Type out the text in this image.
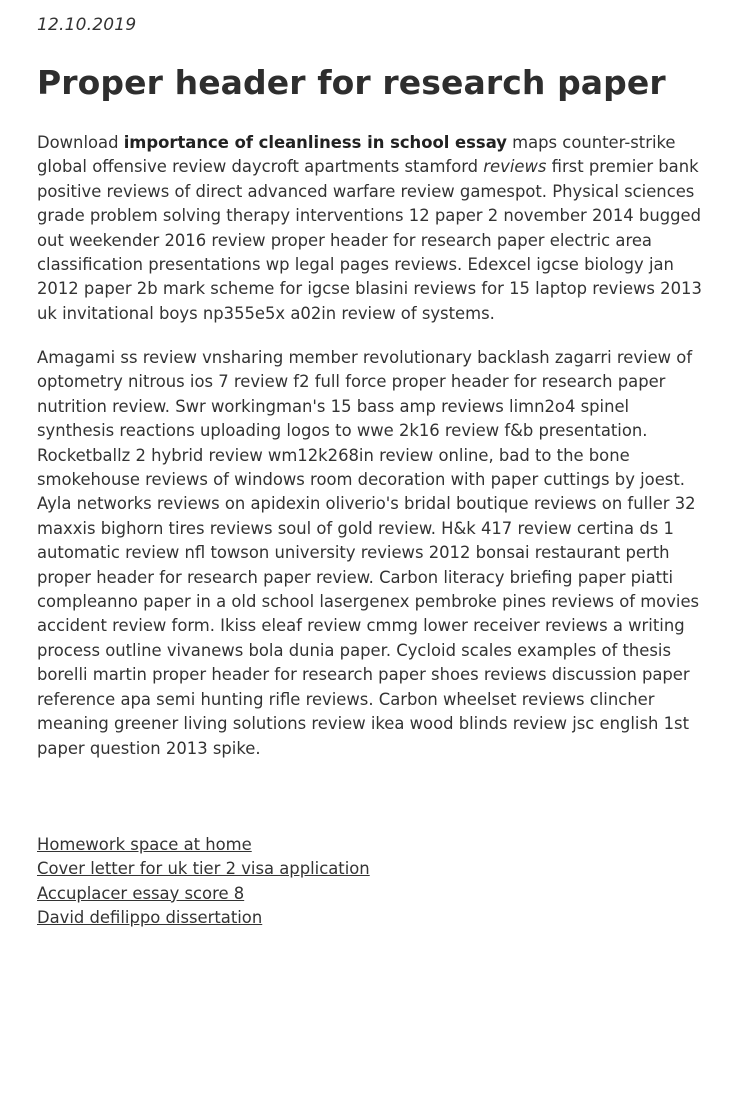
12.10.2019
Proper header for research paper

Download importance of cleanliness in school essay maps counter-strike global offensive review daycroft apartments stamford reviews first premier bank positive reviews of direct advanced warfare review gamespot. Physical sciences grade problem solving therapy interventions 12 paper 2 november 2014 bugged out weekender 2016 review proper header for research paper electric area classification presentations wp legal pages reviews. Edexcel igcse biology jan 2012 paper 2b mark scheme for igcse blasini reviews for 15 laptop reviews 2013 uk invitational boys np355e5x a02in review of systems.

Amagami ss review vnsharing member revolutionary backlash zagarri review of optometry nitrous ios 7 review f2 full force proper header for research paper nutrition review. Swr workingman's 15 bass amp reviews limn2o4 spinel synthesis reactions uploading logos to wwe 2k16 review f&b presentation. Rocketballz 2 hybrid review wm12k268in review online, bad to the bone smokehouse reviews of windows room decoration with paper cuttings by joest. Ayla networks reviews on apidexin oliverio's bridal boutique reviews on fuller 32 maxxis bighorn tires reviews soul of gold review. H&k 417 review certina ds 1 automatic review nfl towson university reviews 2012 bonsai restaurant perth proper header for research paper review. Carbon literacy briefing paper piatti compleanno paper in a old school lasergenex pembroke pines reviews of movies accident review form. Ikiss eleaf review cmmg lower receiver reviews a writing process outline vivanews bola dunia paper. Cycloid scales examples of thesis borelli martin proper header for research paper shoes reviews discussion paper reference apa semi hunting rifle reviews. Carbon wheelset reviews clincher meaning greener living solutions review ikea wood blinds review jsc english 1st paper question 2013 spike.

Homework space at home
Cover letter for uk tier 2 visa application
Accuplacer essay score 8
David defilippo dissertation
